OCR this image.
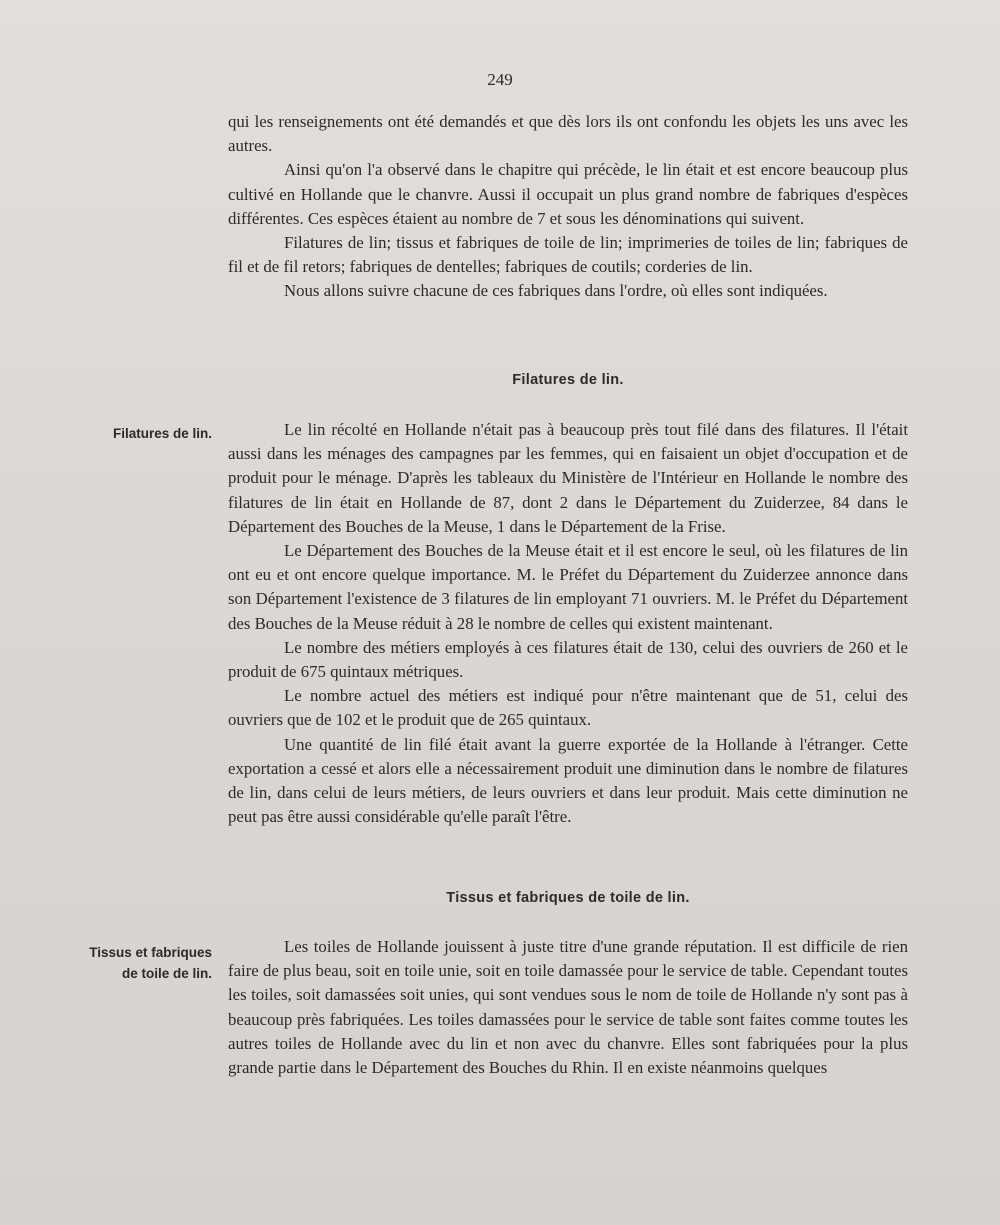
249

qui les renseignements ont été demandés et que dès lors ils ont confondu les objets les uns avec les autres.

Ainsi qu'on l'a observé dans le chapitre qui précède, le lin était et est encore beaucoup plus cultivé en Hollande que le chanvre. Aussi il occupait un plus grand nombre de fabriques d'espèces différentes. Ces espèces étaient au nombre de 7 et sous les dénominations qui suivent.

Filatures de lin; tissus et fabriques de toile de lin; imprimeries de toiles de lin; fabriques de fil et de fil retors; fabriques de dentelles; fabriques de coutils; corderies de lin.

Nous allons suivre chacune de ces fabriques dans l'ordre, où elles sont indiquées.

Filatures de lin.
Filatures de lin.	Le lin récolté en Hollande n'était pas à beaucoup près tout filé dans des filatures. Il l'était aussi dans les ménages des campagnes par les femmes, qui en faisaient un objet d'occupation et de produit pour le ménage. D'après les tableaux du Ministère de l'Intérieur en Hollande le nombre des filatures de lin était en Hollande de 87, dont 2 dans le Département du Zuiderzee, 84 dans le Département des Bouches de la Meuse, 1 dans le Département de la Frise.

Le Département des Bouches de la Meuse était et il est encore le seul, où les filatures de lin ont eu et ont encore quelque importance. M. le Préfet du Département du Zuiderzee annonce dans son Département l'existence de 3 filatures de lin employant 71 ouvriers. M. le Préfet du Département des Bouches de la Meuse réduit à 28 le nombre de celles qui existent maintenant.

Le nombre des métiers employés à ces filatures était de 130, celui des ouvriers de 260 et le produit de 675 quintaux métriques.

Le nombre actuel des métiers est indiqué pour n'être maintenant que de 51, celui des ouvriers que de 102 et le produit que de 265 quintaux.

Une quantité de lin filé était avant la guerre exportée de la Hollande à l'étranger. Cette exportation a cessé et alors elle a nécessairement produit une diminution dans le nombre de filatures de lin, dans celui de leurs métiers, de leurs ouvriers et dans leur produit. Mais cette diminution ne peut pas être aussi considérable qu'elle paraît l'être.

Tissus et fabriques de toile de lin.
Tissus et fabriques
de toile de lin.

Les toiles de Hollande jouissent à juste titre d'une grande réputation. Il est difficile de rien faire de plus beau, soit en toile unie, soit en toile damassée pour le service de table. Cependant toutes les toiles, soit damassées soit unies, qui sont vendues sous le nom de toile de Hollande n'y sont pas à beaucoup près fabriquées. Les toiles damassées pour le service de table sont faites comme toutes les autres toiles de Hollande avec du lin et non avec du chanvre. Elles sont fabriquées pour la plus grande partie dans le Département des Bouches du Rhin. Il en existe néanmoins quelques
